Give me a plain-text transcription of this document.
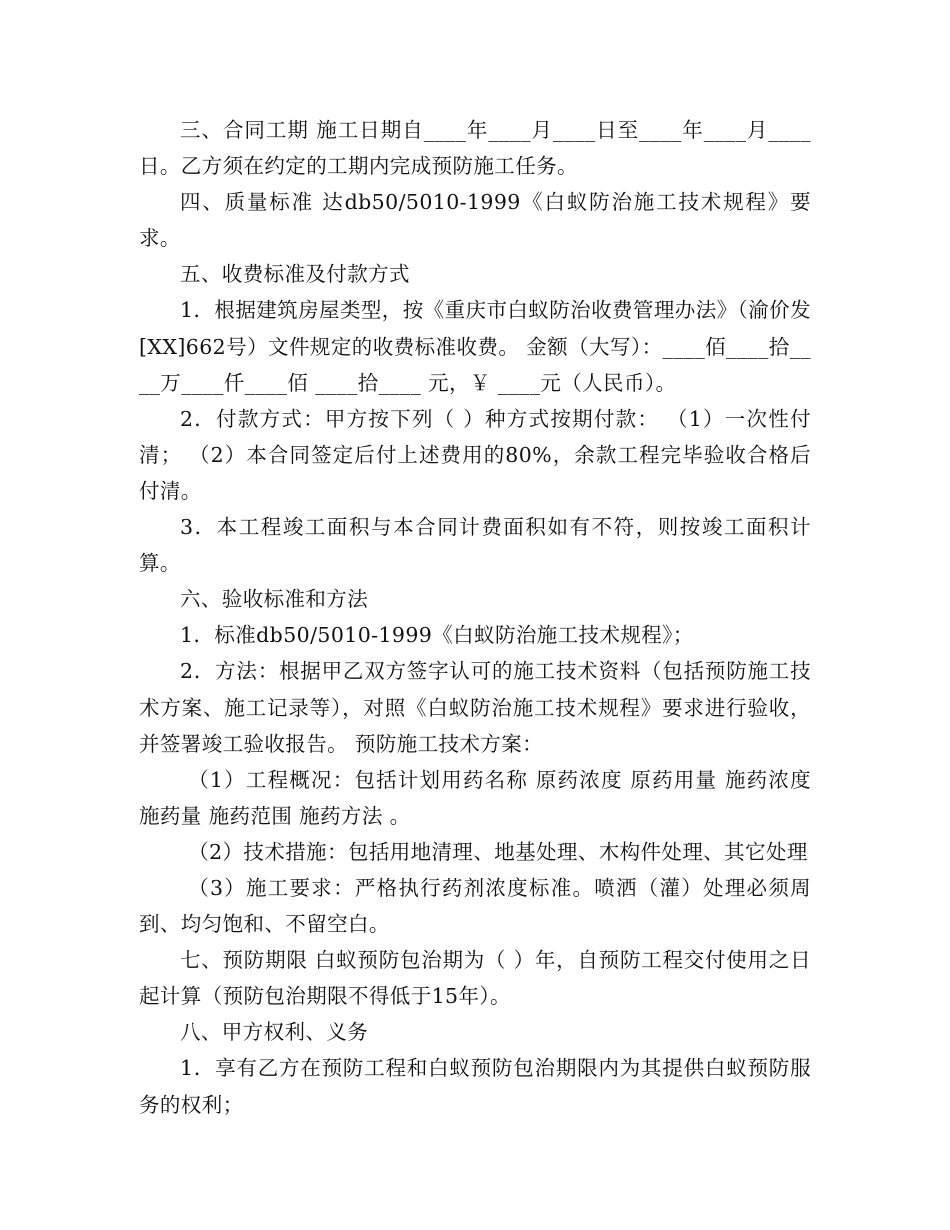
三、合同工期 施工日期自____年____月____日至____年____月____日。乙方须在约定的工期内完成预防施工任务。

四、质量标准 达db50/5010-1999《白蚁防治施工技术规程》要求。

五、收费标准及付款方式

1．根据建筑房屋类型，按《重庆市白蚁防治收费管理办法》（渝价发[XX]662号）文件规定的收费标准收费。 金额（大写）：____佰____拾____万____仟____佰 ____拾____ 元，￥ ____元（人民币）。

2．付款方式：甲方按下列（ ）种方式按期付款： （1）一次性付清； （2）本合同签定后付上述费用的80%，余款工程完毕验收合格后付清。

3．本工程竣工面积与本合同计费面积如有不符，则按竣工面积计算。

六、验收标准和方法

1．标准db50/5010-1999《白蚁防治施工技术规程》；

2．方法：根据甲乙双方签字认可的施工技术资料（包括预防施工技术方案、施工记录等），对照《白蚁防治施工技术规程》要求进行验收，并签署竣工验收报告。 预防施工技术方案：

（1）工程概况：包括计划用药名称 原药浓度 原药用量 施药浓度 施药量 施药范围 施药方法 。

（2）技术措施：包括用地清理、地基处理、木构件处理、其它处理

（3）施工要求：严格执行药剂浓度标准。喷洒（灌）处理必须周到、均匀饱和、不留空白。

七、预防期限 白蚁预防包治期为（ ）年，自预防工程交付使用之日起计算（预防包治期限不得低于15年）。

八、甲方权利、义务

1．享有乙方在预防工程和白蚁预防包治期限内为其提供白蚁预防服务的权利；
